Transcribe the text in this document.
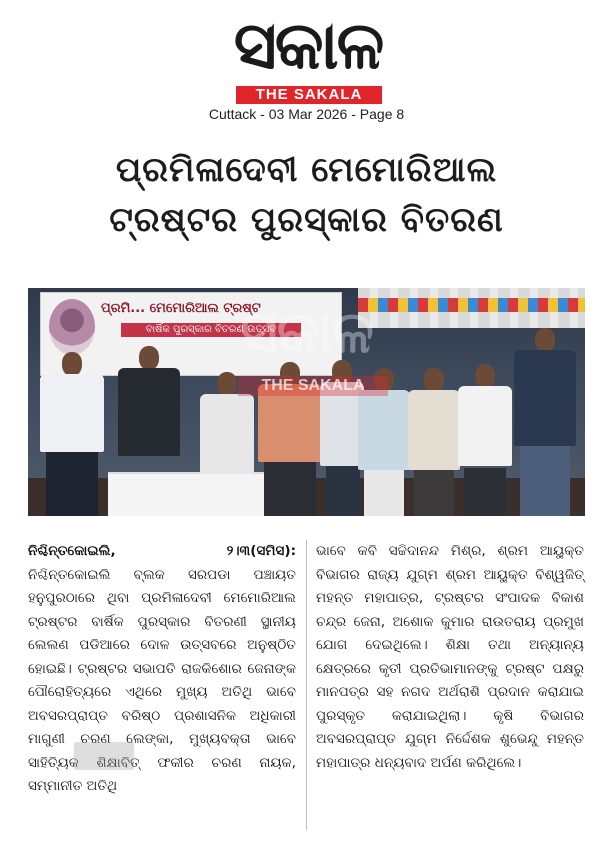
ସକାଳ
THE SAKALA
Cuttack - 03 Mar 2026 - Page 8
ପ୍ରମିଳାଦେବୀ ମେମୋରିଆଲ
ଟ୍ରଷ୍ଟର ପୁରସ୍କାର ବିତରଣ
ପ୍ରମି... ମେମୋରିଆଲ ଟ୍ରଷ୍ଟ
ବାର୍ଷିକ ପୁରସ୍କାର ବିତରଣ ଉତ୍ସବ
ସକାଳ
THE SAKALA
ନିଶ୍ଚିନ୍ତକୋଇଲି,	୨।୩(ସମିସ):
ନିଶ୍ଚିନ୍ତକୋଇଲି ବ୍ଲକ ସରପଡା ପଞ୍ଚାୟତ ହନୁପୁରଠାରେ ଥିବା ପ୍ରମିଳାଦେବୀ ମେମୋରିଆଲ ଟ୍ରଷ୍ଟର ବାର୍ଷିକ ପୁରସ୍କାର ବିତରଣୀ ସ୍ଥାନୀୟ ଲେଲଣ ପଡିଆରେ ଦୋଳ ଉତ୍ସବରେ ଅନୁଷ୍ଠିତ ହୋଇଛି। ଟ୍ରଷ୍ଟର ସଭାପତି ରାଜକିଶୋର ଜେନାଙ୍କ ପୌରୋହିତ୍ୟରେ ଏଥିରେ ମୁଖ୍ୟ ଅତିଥି ଭାବେ ଅବସରପ୍ରାପ୍ତ ବରିଷ୍ଠ ପ୍ରଶାସନିକ ଅଧିକାରୀ ମାଗୁଣୀ ଚରଣ ଲେଙ୍କା, ମୁଖ୍ୟବକ୍ତା ଭାବେ ସାହିତ୍ୟିକ ଶିକ୍ଷାବିତ୍ ଫକୀର ଚରଣ ନାୟକ, ସମ୍ମାନୀତ ଅତିଥି
ଭାବେ କବି ସଚ୍ଚିଦାନନ୍ଦ ମିଶ୍ର, ଶ୍ରମ ଆୟୁକ୍ତ ବିଭାଗର ରାଜ୍ୟ ଯୁଗ୍ମ ଶ୍ରମ ଆୟୁକ୍ତ ବିଶ୍ୱଜିତ୍ ମହନ୍ତ ମହାପାତ୍ର, ଟ୍ରଷ୍ଟର ସଂପାଦକ ବିକାଶ ଚନ୍ଦ୍ର ଜେନା, ଅଶୋକ କୁମାର ରାଉତରାୟ ପ୍ରମୁଖ ଯୋଗ ଦେଇଥିଲେ। ଶିକ୍ଷା ତଥା ଅନ୍ୟାନ୍ୟ କ୍ଷେତ୍ରରେ କୃତୀ ପ୍ରତିଭାମାନଙ୍କୁ ଟ୍ରଷ୍ଟ ପକ୍ଷରୁ ମାନପତ୍ର ସହ ନଗଦ ଅର୍ଥରାଶି ପ୍ରଦାନ କରାଯାଇ ପୁରସ୍କୃତ କରାଯାଇଥିଲା। କୃଷି ବିଭାଗର ଅବସରପ୍ରାପ୍ତ ଯୁଗ୍ମ ନିର୍ଦ୍ଦେଶକ ଶୁଭେନ୍ଦୁ ମହନ୍ତ ମହାପାତ୍ର ଧନ୍ୟବାଦ ଅର୍ପଣ କରିଥିଲେ।
